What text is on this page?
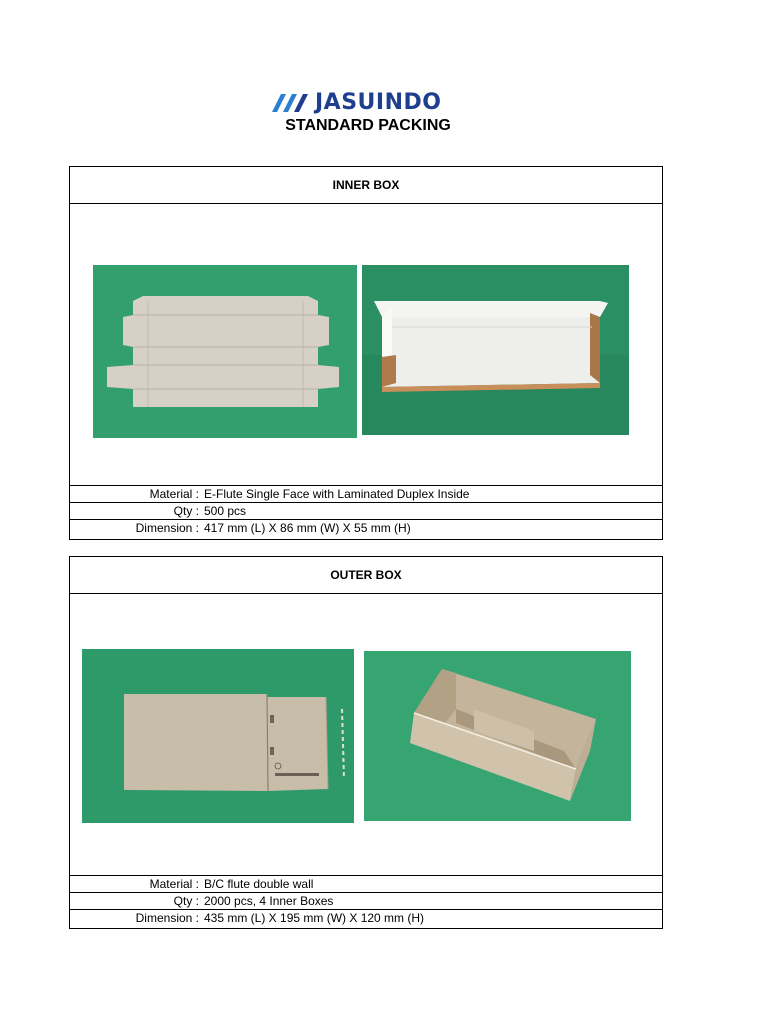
JASUINDO
STANDARD PACKING
INNER BOX
Material : E-Flute Single Face with Laminated Duplex Inside
Qty : 500 pcs
Dimension : 417 mm (L) X 86 mm (W) X 55 mm (H)
OUTER BOX
Material : B/C flute double wall
Qty : 2000 pcs, 4 Inner Boxes
Dimension : 435 mm (L) X 195 mm (W) X 120 mm (H)
